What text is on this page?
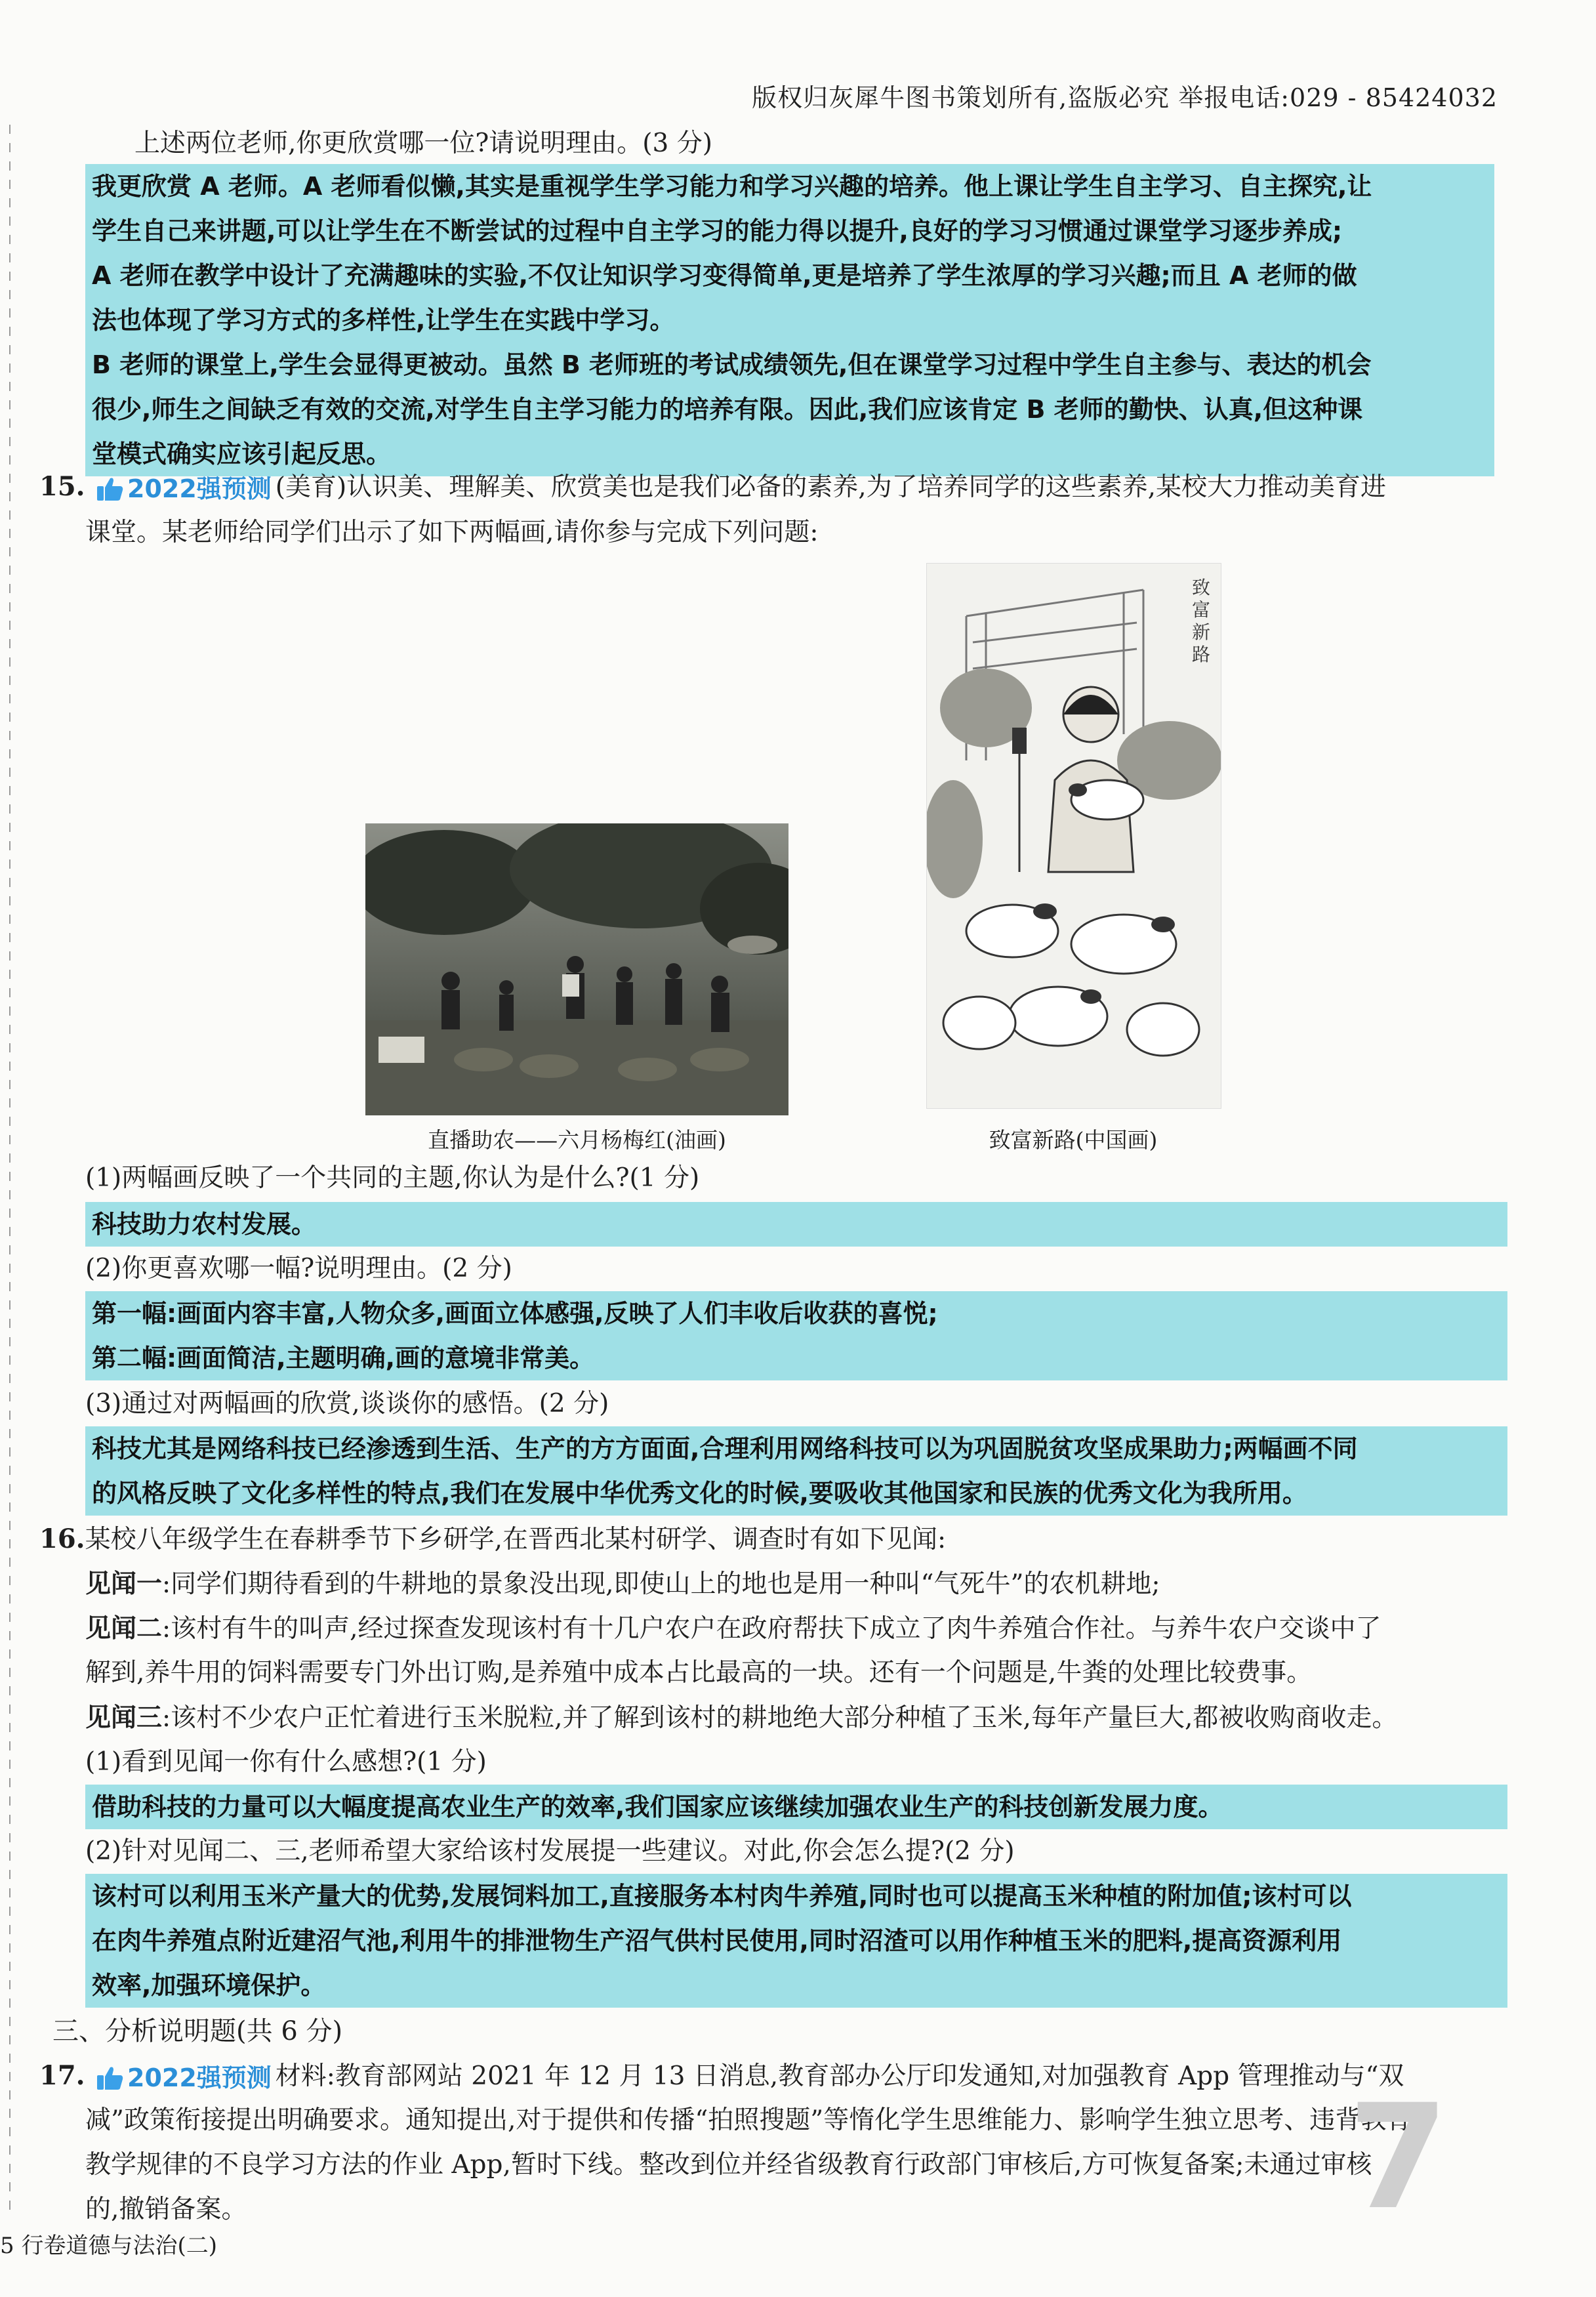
版权归灰犀牛图书策划所有,盗版必究 举报电话:029 - 85424032
上述两位老师,你更欣赏哪一位?请说明理由。(3 分)

我更欣赏 A 老师。A 老师看似懒,其实是重视学生学习能力和学习兴趣的培养。他上课让学生自主学习、自主探究,让

学生自己来讲题,可以让学生在不断尝试的过程中自主学习的能力得以提升,良好的学习习惯通过课堂学习逐步养成;

A 老师在教学中设计了充满趣味的实验,不仅让知识学习变得简单,更是培养了学生浓厚的学习兴趣;而且 A 老师的做

法也体现了学习方式的多样性,让学生在实践中学习。

B 老师的课堂上,学生会显得更被动。虽然 B 老师班的考试成绩领先,但在课堂学习过程中学生自主参与、表达的机会

很少,师生之间缺乏有效的交流,对学生自主学习能力的培养有限。因此,我们应该肯定 B 老师的勤快、认真,但这种课

堂模式确实应该引起反思。

15. 2022强预测 (美育)认识美、理解美、欣赏美也是我们必备的素养,为了培养同学的这些素养,某校大力推动美育进
课堂。某老师给同学们出示了如下两幅画,请你参与完成下列问题:
直播助农——六月杨梅红(油画)
致富新路
致富新路(中国画)
(1)两幅画反映了一个共同的主题,你认为是什么?(1 分)

科技助力农村发展。

(2)你更喜欢哪一幅?说明理由。(2 分)

第一幅:画面内容丰富,人物众多,画面立体感强,反映了人们丰收后收获的喜悦;

第二幅:画面简洁,主题明确,画的意境非常美。

(3)通过对两幅画的欣赏,谈谈你的感悟。(2 分)

科技尤其是网络科技已经渗透到生活、生产的方方面面,合理利用网络科技可以为巩固脱贫攻坚成果助力;两幅画不同

的风格反映了文化多样性的特点,我们在发展中华优秀文化的时候,要吸收其他国家和民族的优秀文化为我所用。

16.某校八年级学生在春耕季节下乡研学,在晋西北某村研学、调查时有如下见闻:
见闻一:同学们期待看到的牛耕地的景象没出现,即使山上的地也是用一种叫“气死牛”的农机耕地;
见闻二:该村有牛的叫声,经过探查发现该村有十几户农户在政府帮扶下成立了肉牛养殖合作社。与养牛农户交谈中了
解到,养牛用的饲料需要专门外出订购,是养殖中成本占比最高的一块。还有一个问题是,牛粪的处理比较费事。
见闻三:该村不少农户正忙着进行玉米脱粒,并了解到该村的耕地绝大部分种植了玉米,每年产量巨大,都被收购商收走。
(1)看到见闻一你有什么感想?(1 分)

借助科技的力量可以大幅度提高农业生产的效率,我们国家应该继续加强农业生产的科技创新发展力度。

(2)针对见闻二、三,老师希望大家给该村发展提一些建议。对此,你会怎么提?(2 分)

该村可以利用玉米产量大的优势,发展饲料加工,直接服务本村肉牛养殖,同时也可以提高玉米种植的附加值;该村可以

在肉牛养殖点附近建沼气池,利用牛的排泄物生产沼气供村民使用,同时沼渣可以用作种植玉米的肥料,提高资源利用

效率,加强环境保护。

三、分析说明题(共 6 分)
17. 2022强预测 材料:教育部网站 2021 年 12 月 13 日消息,教育部办公厅印发通知,对加强教育 App 管理推动与“双
减”政策衔接提出明确要求。通知提出,对于提供和传播“拍照搜题”等惰化学生思维能力、影响学生独立思考、违背教育
教学规律的不良学习方法的作业 App,暂时下线。整改到位并经省级教育行政部门审核后,方可恢复备案;未通过审核
的,撤销备案。	7
5 行卷道德与法治(二)
